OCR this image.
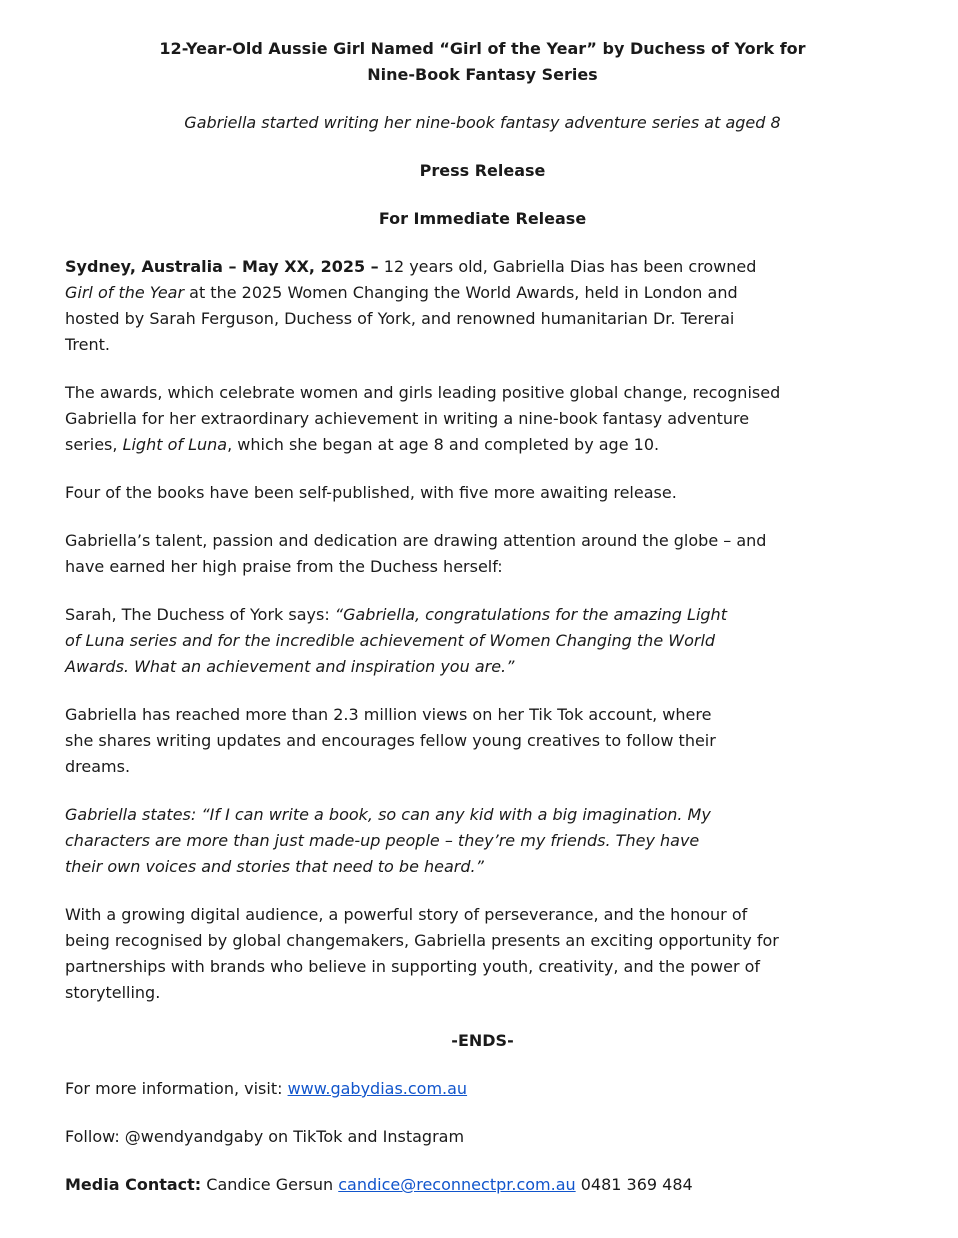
12-Year-Old Aussie Girl Named “Girl of the Year” by Duchess of York for
Nine-Book Fantasy Series
Gabriella started writing her nine-book fantasy adventure series at aged 8
Press Release
For Immediate Release
Sydney, Australia – May XX, 2025 – 12 years old, Gabriella Dias has been crowned
Girl of the Year at the 2025 Women Changing the World Awards, held in London and
hosted by Sarah Ferguson, Duchess of York, and renowned humanitarian Dr. Tererai
Trent.
The awards, which celebrate women and girls leading positive global change, recognised
Gabriella for her extraordinary achievement in writing a nine-book fantasy adventure
series, Light of Luna, which she began at age 8 and completed by age 10.
Four of the books have been self-published, with five more awaiting release.
Gabriella’s talent, passion and dedication are drawing attention around the globe – and
have earned her high praise from the Duchess herself:
Sarah, The Duchess of York says: “Gabriella, congratulations for the amazing Light
of Luna series and for the incredible achievement of Women Changing the World
Awards. What an achievement and inspiration you are.”
Gabriella has reached more than 2.3 million views on her Tik Tok account, where
she shares writing updates and encourages fellow young creatives to follow their
dreams.
Gabriella states: “If I can write a book, so can any kid with a big imagination. My
characters are more than just made-up people – they’re my friends. They have
their own voices and stories that need to be heard.”
With a growing digital audience, a powerful story of perseverance, and the honour of
being recognised by global changemakers, Gabriella presents an exciting opportunity for
partnerships with brands who believe in supporting youth, creativity, and the power of
storytelling.
-ENDS-
For more information, visit: www.gabydias.com.au
Follow: @wendyandgaby on TikTok and Instagram
Media Contact: Candice Gersun candice@reconnectpr.com.au 0481 369 484
